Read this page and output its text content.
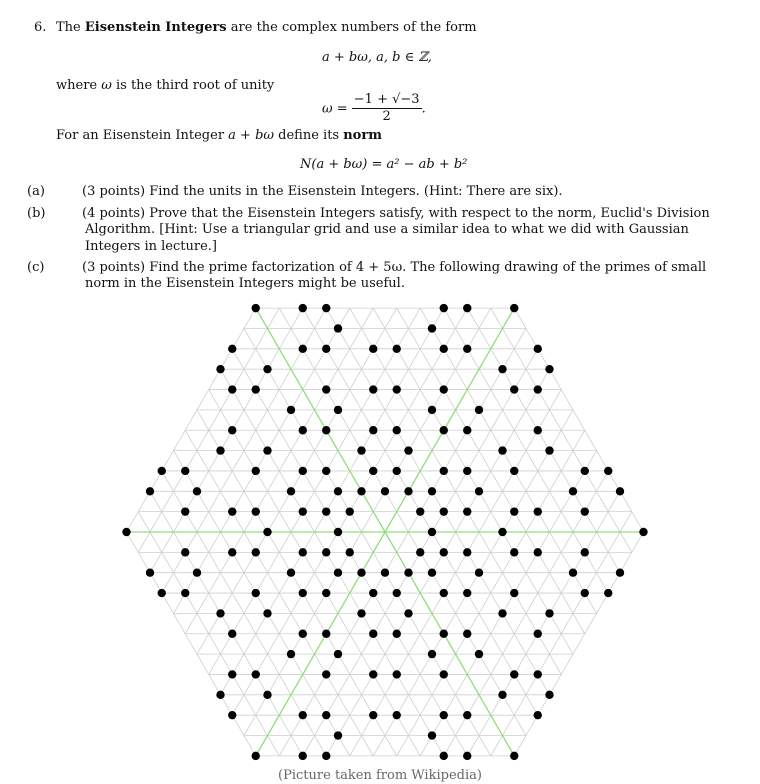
6. The Eisenstein Integers are the complex numbers of the form
a + bω, a, b ∈ ℤ,
where ω is the third root of unity
$\omega = \frac{-1 + √-3}{2}$ .
For an Eisenstein Integer a + bω define its norm
N(a + bω) = a² − ab + b²
(a)	(3 points) Find the units in the Eisenstein Integers. (Hint: There are six).
(b)	(4 points) Prove that the Eisenstein Integers satisfy, with respect to the norm, Euclid's Division Algorithm. [Hint: Use a triangular grid and use a similar idea to what we did with Gaussian Integers in lecture.]
(c)	(3 points) Find the prime factorization of 4 + 5ω. The following drawing of the primes of small norm in the Eisenstein Integers might be useful.
(Picture taken from Wikipedia)
